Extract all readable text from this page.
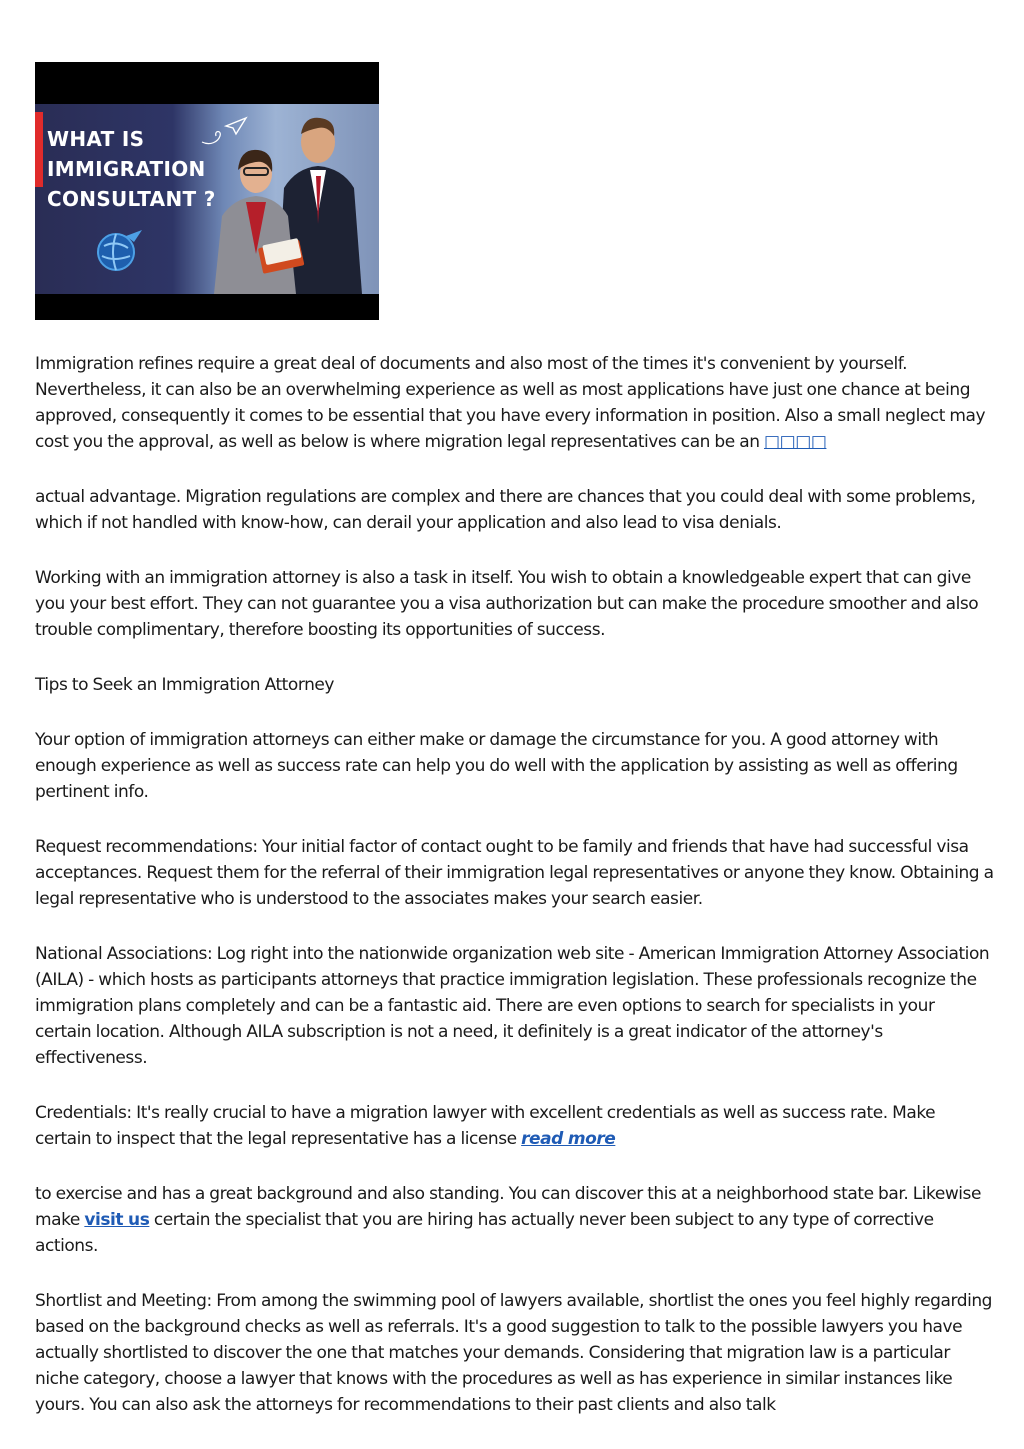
WHAT IS
IMMIGRATION
CONSULTANT ?

Immigration refines require a great deal of documents and also most of the times it's convenient by yourself. Nevertheless, it can also be an overwhelming experience as well as most applications have just one chance at being approved, consequently it comes to be essential that you have every information in position. Also a small neglect may cost you the approval, as well as below is where migration legal representatives can be an □□□□

actual advantage. Migration regulations are complex and there are chances that you could deal with some problems, which if not handled with know-how, can derail your application and also lead to visa denials.

Working with an immigration attorney is also a task in itself. You wish to obtain a knowledgeable expert that can give you your best effort. They can not guarantee you a visa authorization but can make the procedure smoother and also trouble complimentary, therefore boosting its opportunities of success.

Tips to Seek an Immigration Attorney

Your option of immigration attorneys can either make or damage the circumstance for you. A good attorney with enough experience as well as success rate can help you do well with the application by assisting as well as offering pertinent info.

Request recommendations: Your initial factor of contact ought to be family and friends that have had successful visa acceptances. Request them for the referral of their immigration legal representatives or anyone they know. Obtaining a legal representative who is understood to the associates makes your search easier.

National Associations: Log right into the nationwide organization web site - American Immigration Attorney Association (AILA) - which hosts as participants attorneys that practice immigration legislation. These professionals recognize the immigration plans completely and can be a fantastic aid. There are even options to search for specialists in your certain location. Although AILA subscription is not a need, it definitely is a great indicator of the attorney's effectiveness.

Credentials: It's really crucial to have a migration lawyer with excellent credentials as well as success rate. Make certain to inspect that the legal representative has a license read more

to exercise and has a great background and also standing. You can discover this at a neighborhood state bar. Likewise make visit us certain the specialist that you are hiring has actually never been subject to any type of corrective actions.

Shortlist and Meeting: From among the swimming pool of lawyers available, shortlist the ones you feel highly regarding based on the background checks as well as referrals. It's a good suggestion to talk to the possible lawyers you have actually shortlisted to discover the one that matches your demands. Considering that migration law is a particular niche category, choose a lawyer that knows with the procedures as well as has experience in similar instances like yours. You can also ask the attorneys for recommendations to their past clients and also talk
